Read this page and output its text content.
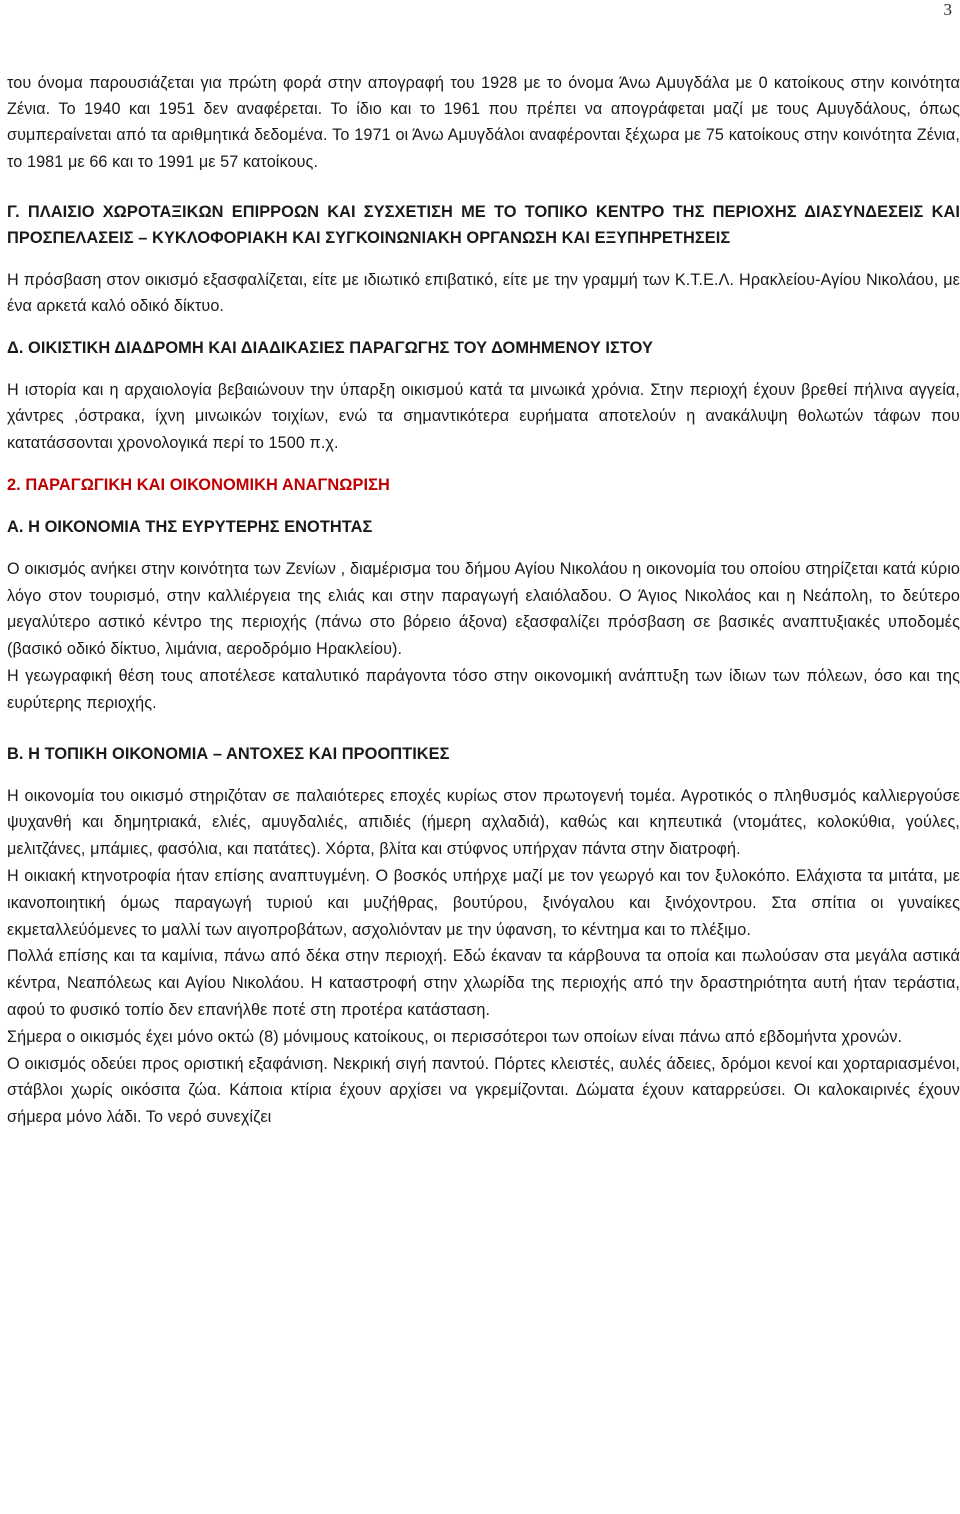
3

του όνομα παρουσιάζεται για πρώτη φορά στην απογραφή του 1928 με το όνομα Άνω Αμυγδάλα με 0 κατοίκους στην κοινότητα Ζένια. Το 1940 και 1951 δεν αναφέρεται. Το ίδιο και το 1961 που πρέπει να απογράφεται μαζί με τους Αμυγδάλους, όπως συμπεραίνεται από τα αριθμητικά δεδομένα. Το 1971 οι Άνω Αμυγδάλοι αναφέρονται ξέχωρα με 75 κατοίκους στην κοινότητα Ζένια, το 1981 με 66 και το 1991 με 57 κατοίκους.

Γ. ΠΛΑΙΣΙΟ ΧΩΡΟΤΑΞΙΚΩΝ ΕΠΙΡΡΟΩΝ ΚΑΙ ΣΥΣΧΕΤΙΣΗ ΜΕ ΤΟ ΤΟΠΙΚΟ ΚΕΝΤΡΟ ΤΗΣ ΠΕΡΙΟΧΗΣ ΔΙΑΣΥΝΔΕΣΕΙΣ ΚΑΙ ΠΡΟΣΠΕΛΑΣΕΙΣ – ΚΥΚΛΟΦΟΡΙΑΚΗ ΚΑΙ ΣΥΓΚΟΙΝΩΝΙΑΚΗ ΟΡΓΑΝΩΣΗ ΚΑΙ ΕΞΥΠΗΡΕΤΗΣΕΙΣ

Η πρόσβαση στον οικισμό εξασφαλίζεται, είτε με ιδιωτικό επιβατικό, είτε με την γραμμή των Κ.Τ.Ε.Λ. Ηρακλείου-Αγίου Νικολάου, με ένα αρκετά καλό οδικό δίκτυο.

Δ. ΟΙΚΙΣΤΙΚΗ ΔΙΑΔΡΟΜΗ ΚΑΙ ΔΙΑΔΙΚΑΣΙΕΣ ΠΑΡΑΓΩΓΗΣ ΤΟΥ ΔΟΜΗΜΕΝΟΥ ΙΣΤΟΥ

Η ιστορία και η αρχαιολογία βεβαιώνουν την ύπαρξη οικισμού κατά τα μινωικά χρόνια. Στην περιοχή έχουν βρεθεί πήλινα αγγεία, χάντρες ,όστρακα, ίχνη μινωικών τοιχίων, ενώ τα σημαντικότερα ευρήματα αποτελούν η ανακάλυψη θολωτών τάφων που κατατάσσονται χρονολογικά περί το 1500 π.χ.

2. ΠΑΡΑΓΩΓΙΚΗ ΚΑΙ ΟΙΚΟΝΟΜΙΚΗ ΑΝΑΓΝΩΡΙΣΗ

Α. Η ΟΙΚΟΝΟΜΙΑ ΤΗΣ ΕΥΡΥΤΕΡΗΣ ΕΝΟΤΗΤΑΣ

Ο οικισμός ανήκει στην κοινότητα των Ζενίων , διαμέρισμα του δήμου Αγίου Νικολάου η οικονομία του οποίου στηρίζεται κατά κύριο λόγο στον τουρισμό, στην καλλιέργεια της ελιάς και στην παραγωγή ελαιόλαδου. Ο Άγιος Νικολάος και η Νεάπολη, το δεύτερο μεγαλύτερο αστικό κέντρο της περιοχής (πάνω στο βόρειο άξονα) εξασφαλίζει πρόσβαση σε βασικές αναπτυξιακές υποδομές (βασικό οδικό δίκτυο, λιμάνια, αεροδρόμιο Ηρακλείου).

Η γεωγραφική θέση τους αποτέλεσε καταλυτικό παράγοντα τόσο στην οικονομική ανάπτυξη των ίδιων των πόλεων, όσο και της ευρύτερης περιοχής.

Β. Η ΤΟΠΙΚΗ ΟΙΚΟΝΟΜΙΑ – ΑΝΤΟΧΕΣ ΚΑΙ ΠΡΟΟΠΤΙΚΕΣ

Η οικονομία του οικισμό στηριζόταν σε παλαιότερες εποχές κυρίως στον πρωτογενή τομέα. Αγροτικός ο πληθυσμός καλλιεργούσε ψυχανθή και δημητριακά, ελιές, αμυγδαλιές, απιδιές (ήμερη αχλαδιά), καθώς και κηπευτικά (ντομάτες, κολοκύθια, γούλες, μελιτζάνες, μπάμιες, φασόλια, και πατάτες). Χόρτα, βλίτα και στύφνος υπήρχαν πάντα στην διατροφή.

Η οικιακή κτηνοτροφία ήταν επίσης αναπτυγμένη. Ο βοσκός υπήρχε μαζί με τον γεωργό και τον ξυλοκόπο. Ελάχιστα τα μιτάτα, με ικανοποιητική όμως παραγωγή τυριού και μυζήθρας, βουτύρου, ξινόγαλου και ξινόχοντρου. Στα σπίτια οι γυναίκες εκμεταλλεύόμενες το μαλλί των αιγοπροβάτων, ασχολιόνταν με την ύφανση, το κέντημα και το πλέξιμο.

Πολλά επίσης και τα καμίνια, πάνω από δέκα στην περιοχή. Εδώ έκαναν τα κάρβουνα τα οποία και πωλούσαν στα μεγάλα αστικά κέντρα, Νεαπόλεως και Αγίου Νικολάου. Η καταστροφή στην χλωρίδα της περιοχής από την δραστηριότητα αυτή ήταν τεράστια, αφού το φυσικό τοπίο δεν επανήλθε ποτέ στη προτέρα κατάσταση.

Σήμερα ο οικισμός έχει μόνο οκτώ (8) μόνιμους κατοίκους, οι περισσότεροι των οποίων είναι πάνω από εβδομήντα χρονών.

Ο οικισμός οδεύει προς οριστική εξαφάνιση. Νεκρική σιγή παντού. Πόρτες κλειστές, αυλές άδειες, δρόμοι κενοί και χορταριασμένοι, στάβλοι χωρίς οικόσιτα ζώα. Κάποια κτίρια έχουν αρχίσει να γκρεμίζονται. Δώματα έχουν καταρρεύσει. Οι καλοκαιρινές έχουν σήμερα μόνο λάδι. Το νερό συνεχίζει
